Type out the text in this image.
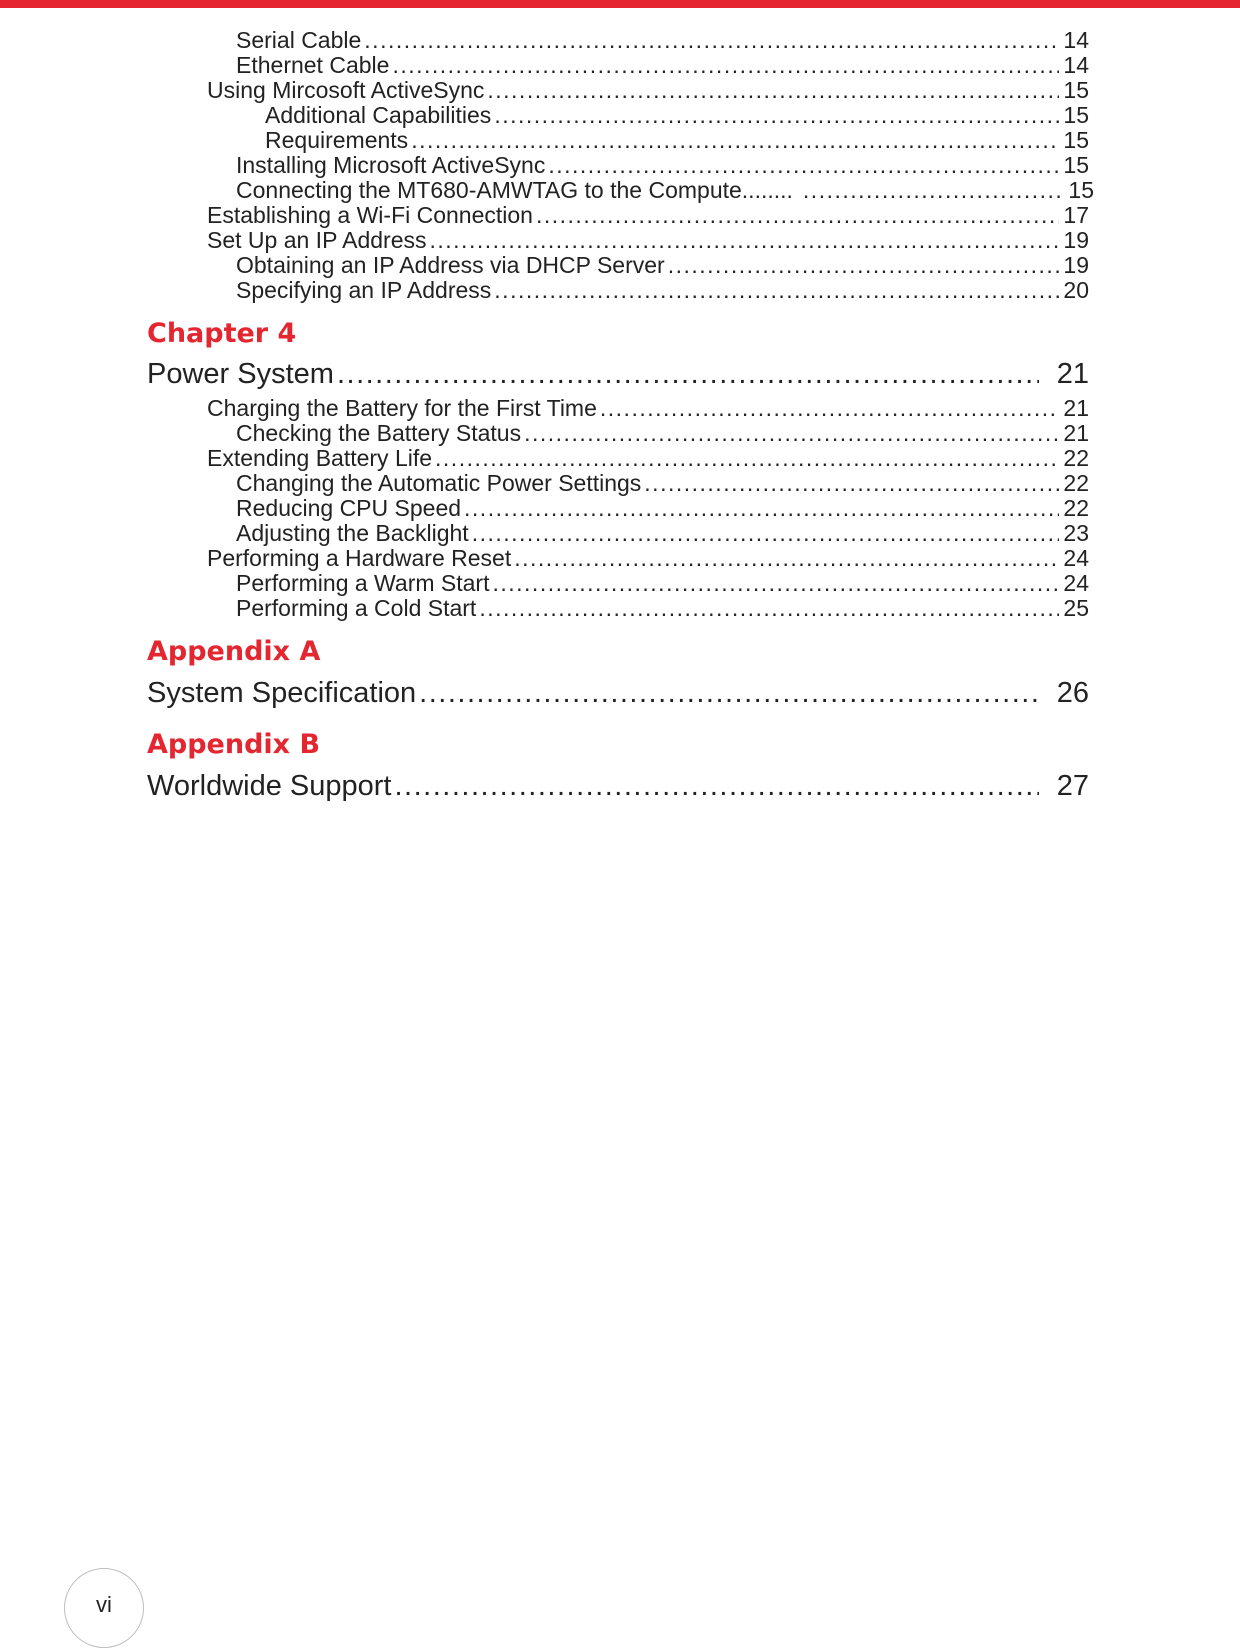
Serial Cable .....	14
Ethernet Cable .....	14
Using Mircosoft ActiveSync .....	15
Additional Capabilities .....	15
Requirements .....	15
Installing Microsoft ActiveSync .....	15
Connecting the MT680-AMWTAG to the Compute........ .....	15
Establishing a Wi-Fi Connection .....	17
Set Up an IP Address .....	19
Obtaining an IP Address via DHCP Server .....	19
Specifying an IP Address .....	20
Chapter 4
Power System .....	21
Charging the Battery for the First Time .....	21
Checking the Battery Status .....	21
Extending Battery Life .....	22
Changing the Automatic Power Settings .....	22
Reducing CPU Speed .....	22
Adjusting the Backlight .....	23
Performing a Hardware Reset .....	24
Performing a Warm Start .....	24
Performing a Cold Start .....	25
Appendix A
System Specification .....	26
Appendix B
Worldwide Support .....	27
vi
